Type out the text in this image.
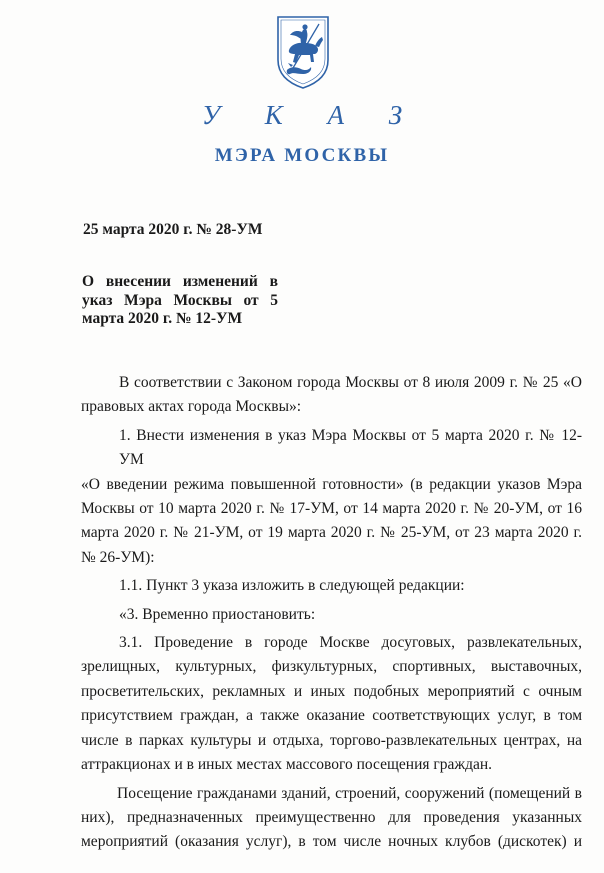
У К А З
МЭРА МОСКВЫ
25 марта 2020 г. № 28-УМ
О внесении изменений в
указ Мэра Москвы от 5
марта 2020 г. № 12-УМ

В соответствии с Законом города Москвы от 8 июля 2009 г. № 25 «О
правовых актах города Москвы»:

1. Внести изменения в указ Мэра Москвы от 5 марта 2020 г. № 12-УМ
«О введении режима повышенной готовности» (в редакции указов Мэра
Москвы от 10 марта 2020 г. № 17-УМ, от 14 марта 2020 г. № 20-УМ, от 16
марта 2020 г. № 21-УМ, от 19 марта 2020 г. № 25-УМ, от 23 марта 2020 г.
№ 26-УМ):

1.1. Пункт 3 указа изложить в следующей редакции:

«3. Временно приостановить:

3.1. Проведение в городе Москве досуговых, развлекательных,
зрелищных, культурных, физкультурных, спортивных, выставочных,
просветительских, рекламных и иных подобных мероприятий с очным
присутствием граждан, а также оказание соответствующих услуг, в том
числе в парках культуры и отдыха, торгово-развлекательных центрах, на
аттракционах и в иных местах массового посещения граждан.

Посещение гражданами зданий, строений, сооружений (помещений в
них), предназначенных преимущественно для проведения указанных
мероприятий (оказания услуг), в том числе ночных клубов (дискотек) и
